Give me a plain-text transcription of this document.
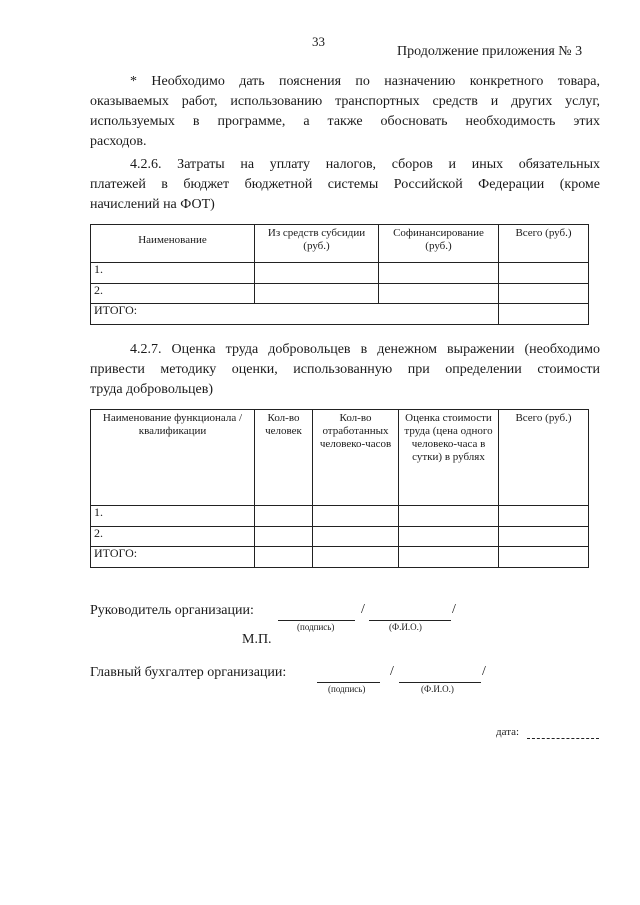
33
Продолжение приложения № 3
* Необходимо дать пояснения по назначению конкретного товара,
оказываемых работ, использованию транспортных средств и других услуг,
используемых в программе, а также обосновать необходимость этих
расходов.
4.2.6. Затраты на уплату налогов, сборов и иных обязательных
платежей в бюджет бюджетной системы Российской Федерации (кроме
начислений на ФОТ)
Наименование	Из средств субсидии (руб.)	Софинансирование (руб.)	Всего (руб.)
1.			
2.			
ИТОГО:			
4.2.7. Оценка труда добровольцев в денежном выражении (необходимо
привести методику оценки, использованную при определении стоимости
труда добровольцев)
Наименование функционала / квалификации	Кол-во человек	Кол-во отработанных человеко-часов	Оценка стоимости труда (цена одного человеко-часа в сутки) в рублях	Всего (руб.)
1.				
2.				
ИТОГО:				
Руководитель организации:	/	/
(подпись)	(Ф.И.О.)
М.П.
Главный бухгалтер организации:	/	/
(подпись)	(Ф.И.О.)
дата:
